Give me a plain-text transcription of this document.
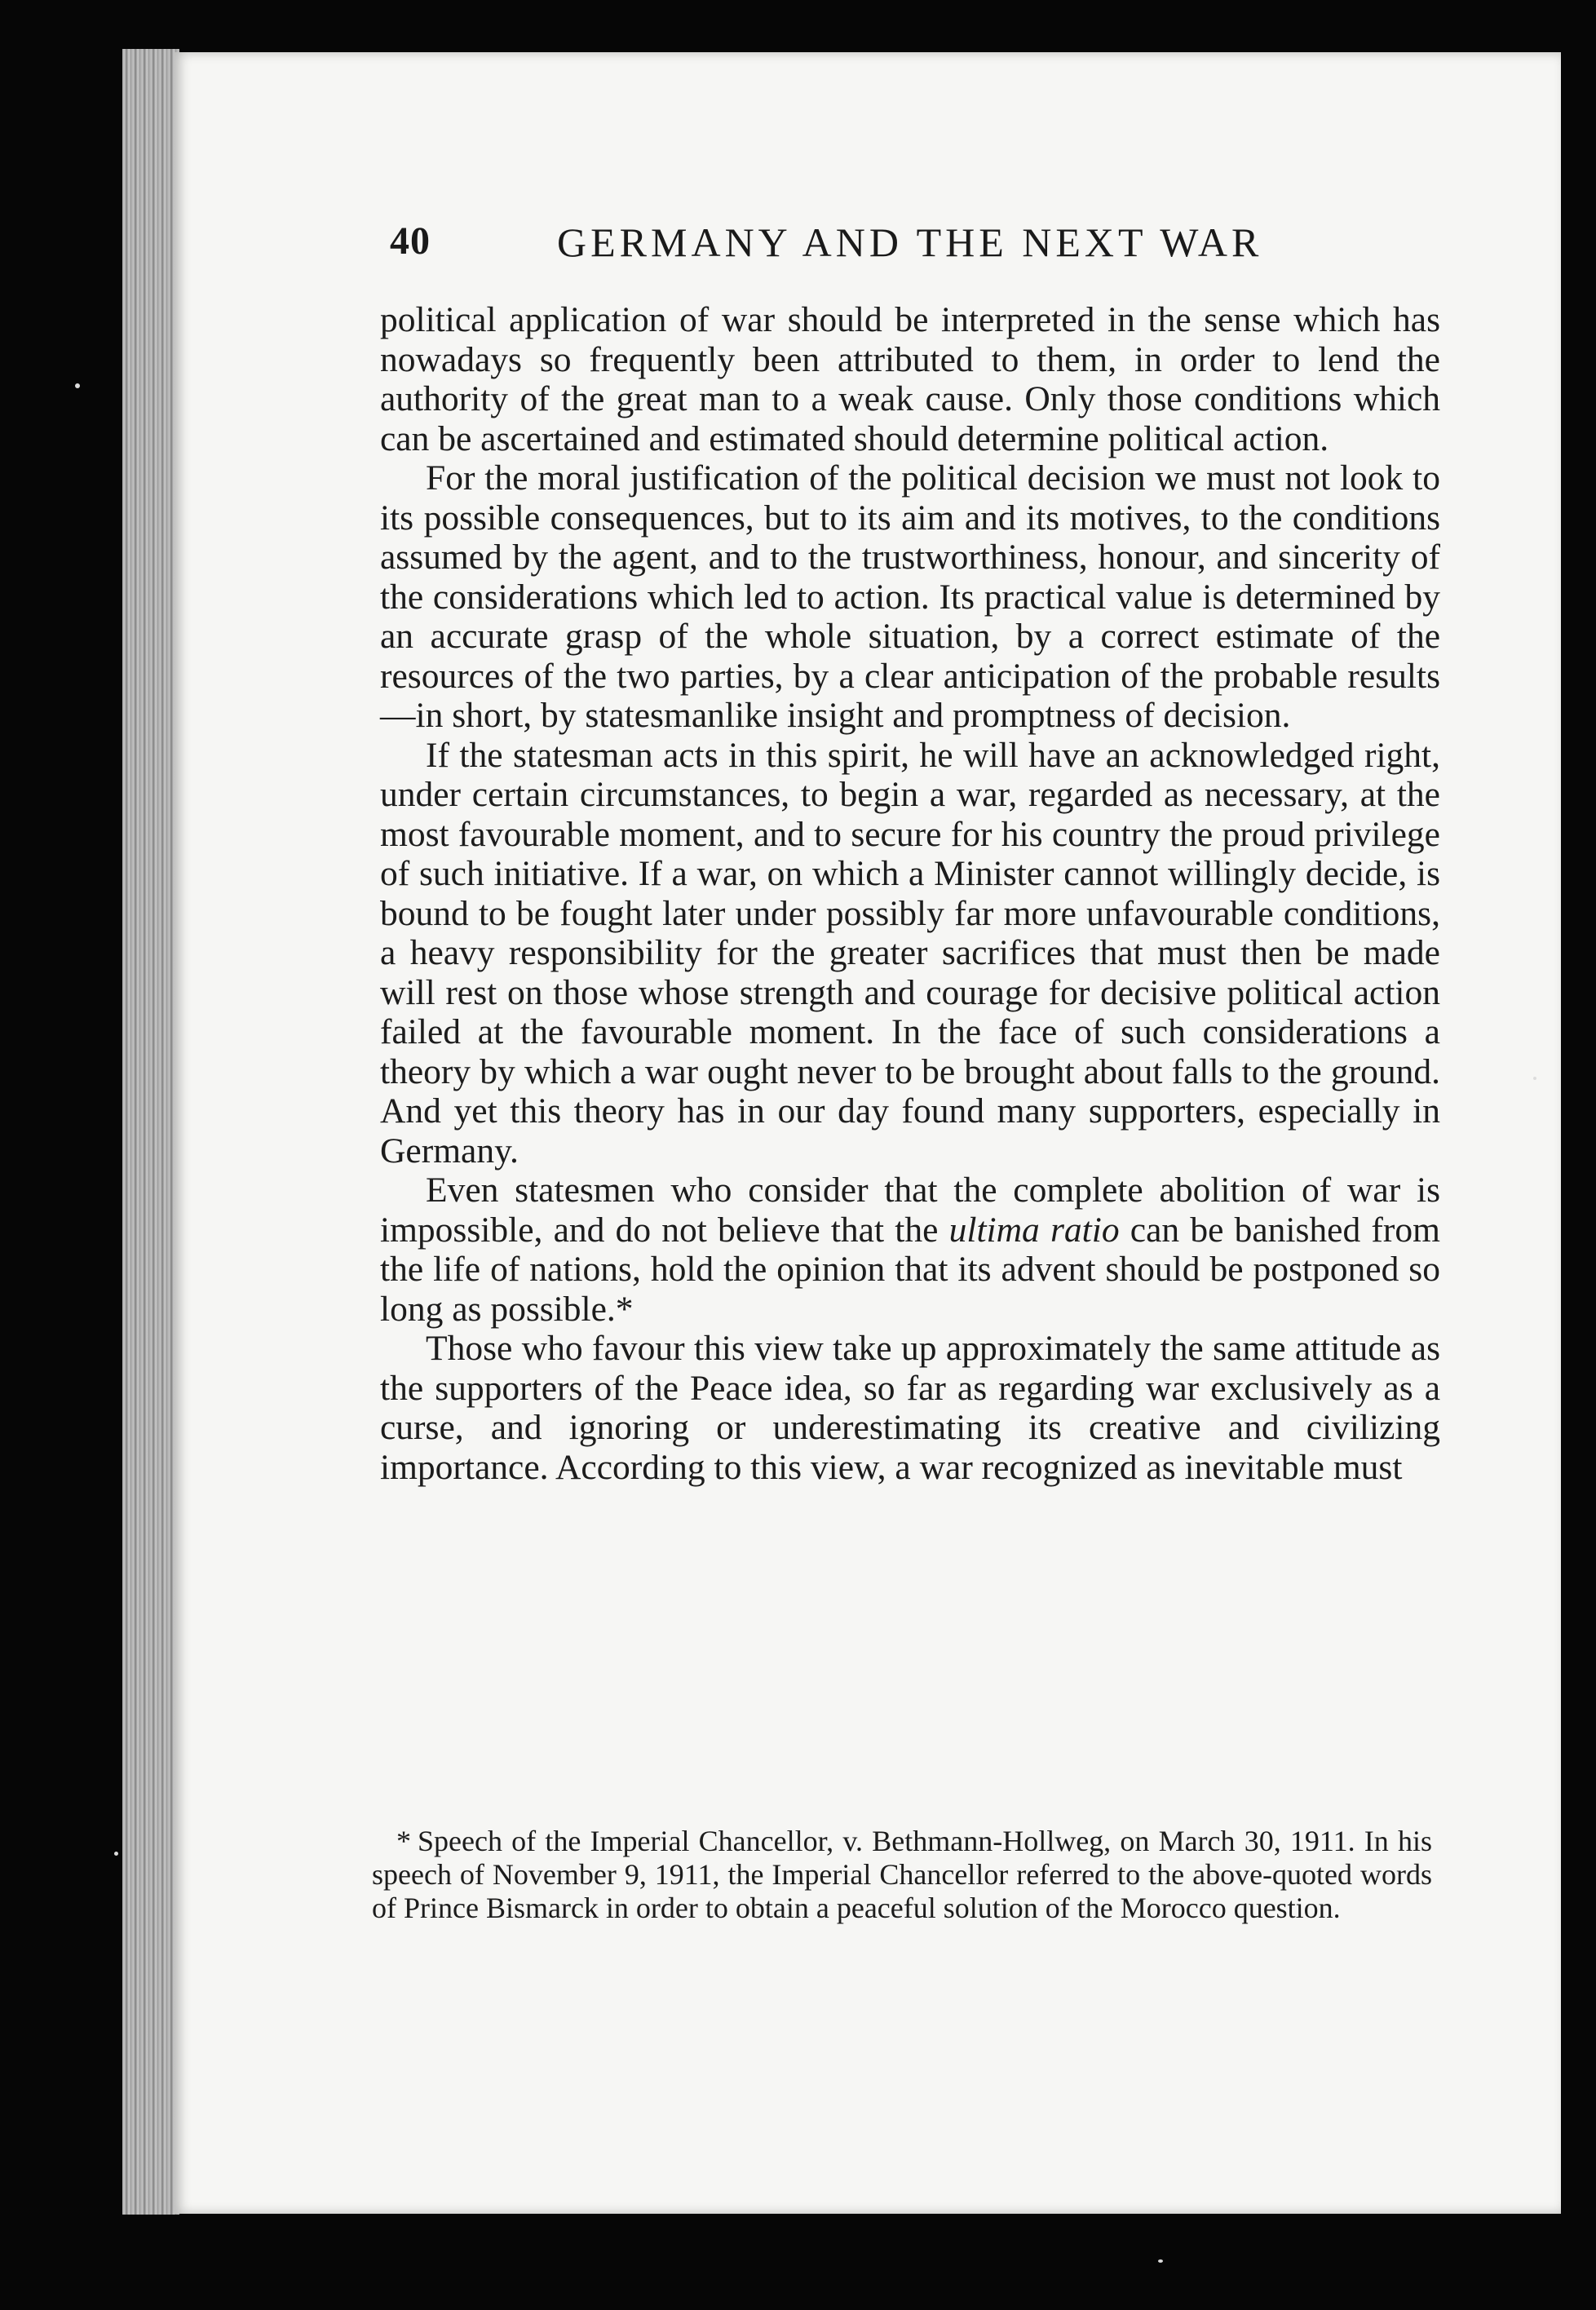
40	GERMANY AND THE NEXT WAR

political application of war should be interpreted in the sense which has nowadays so frequently been attributed to them, in order to lend the authority of the great man to a weak cause. Only those conditions which can be ascertained and estimated should determine political action.

For the moral justification of the political decision we must not look to its possible consequences, but to its aim and its motives, to the conditions assumed by the agent, and to the trustworthiness, honour, and sincerity of the considerations which led to action. Its practical value is determined by an accurate grasp of the whole situation, by a correct estimate of the resources of the two parties, by a clear anticipation of the probable results—in short, by statesmanlike insight and promptness of decision.

If the statesman acts in this spirit, he will have an acknowledged right, under certain circumstances, to begin a war, regarded as necessary, at the most favourable moment, and to secure for his country the proud privilege of such initiative. If a war, on which a Minister cannot willingly decide, is bound to be fought later under possibly far more unfavourable conditions, a heavy responsibility for the greater sacrifices that must then be made will rest on those whose strength and courage for decisive political action failed at the favourable moment. In the face of such considerations a theory by which a war ought never to be brought about falls to the ground. And yet this theory has in our day found many supporters, especially in Germany.

Even statesmen who consider that the complete abolition of war is impossible, and do not believe that the ultima ratio can be banished from the life of nations, hold the opinion that its advent should be postponed so long as possible.*

Those who favour this view take up approximately the same attitude as the supporters of the Peace idea, so far as regarding war exclusively as a curse, and ignoring or underestimating its creative and civilizing importance. According to this view, a war recognized as inevitable must

* Speech of the Imperial Chancellor, v. Bethmann-Hollweg, on March 30, 1911. In his speech of November 9, 1911, the Imperial Chancellor referred to the above-quoted words of Prince Bismarck in order to obtain a peaceful solution of the Morocco question.
